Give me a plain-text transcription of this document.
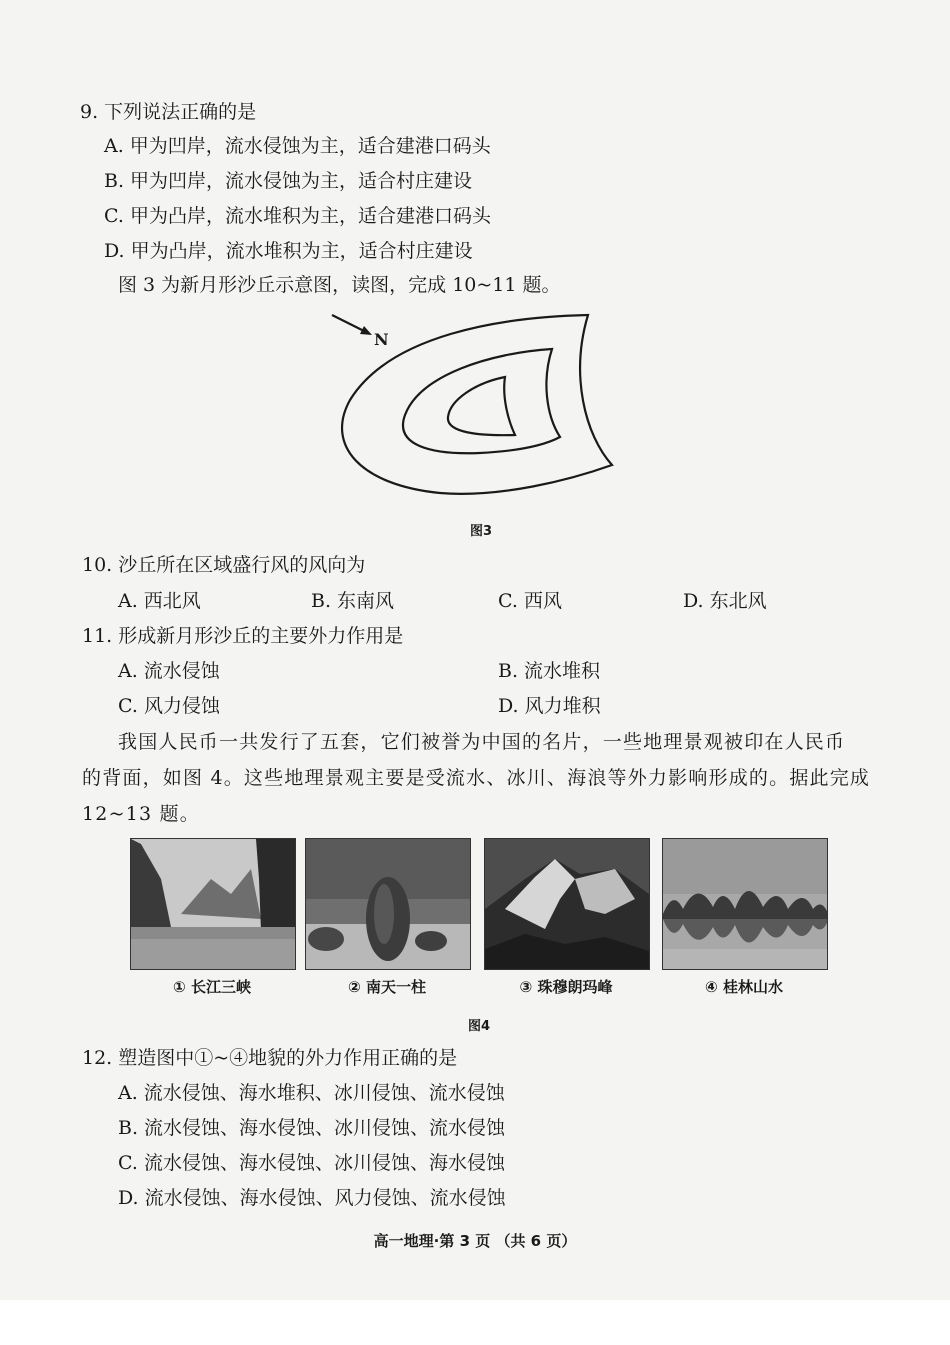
9. 下列说法正确的是
A. 甲为凹岸，流水侵蚀为主，适合建港口码头
B. 甲为凹岸，流水侵蚀为主，适合村庄建设
C. 甲为凸岸，流水堆积为主，适合建港口码头
D. 甲为凸岸，流水堆积为主，适合村庄建设
图 3 为新月形沙丘示意图，读图，完成 10~11 题。
N
图3
10. 沙丘所在区域盛行风的风向为
A. 西北风	B. 东南风	C. 西风	D. 东北风
11. 形成新月形沙丘的主要外力作用是
A. 流水侵蚀	B. 流水堆积
C. 风力侵蚀	D. 风力堆积
我国人民币一共发行了五套，它们被誉为中国的名片，一些地理景观被印在人民币
的背面，如图 4。这些地理景观主要是受流水、冰川、海浪等外力影响形成的。据此完成
12~13 题。
① 长江三峡	② 南天一柱	③ 珠穆朗玛峰	④ 桂林山水
图4
12. 塑造图中①~④地貌的外力作用正确的是
A. 流水侵蚀、海水堆积、冰川侵蚀、流水侵蚀
B. 流水侵蚀、海水侵蚀、冰川侵蚀、流水侵蚀
C. 流水侵蚀、海水侵蚀、冰川侵蚀、海水侵蚀
D. 流水侵蚀、海水侵蚀、风力侵蚀、流水侵蚀
高一地理·第 3 页 （共 6 页）
